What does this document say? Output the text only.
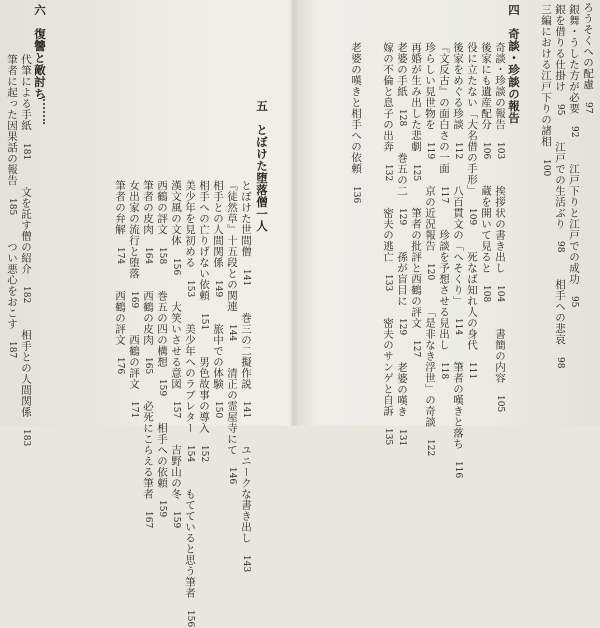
ろうそくへの配慮97
銀舞・うした方が必要92江戸下りと江戸での成功95
銀を借りる仕掛け95江戸での生活ぶり98相手への悲哀98
三編における江戸下りの諸相100
四　奇談・珍談の報告
奇談・珍談の報告103挨拶状の書き出し104書簡の内容105
後家にも遺産配分106蔵を開いて見ると108
役に立たない「大名借の手形」109死なば知れ人の身代111
後家をめぐる珍談112八百貫文の「へそくり」114筆者の嘆きと落ち116
『文反古』の面白さの一面117珍談を予想させる見出し118
珍らしい見世物を119京の近況報告120「是非なき浮世」の奇談122
再婚が生み出した悲劇125筆者の批評と西鶴の評文127
老婆の手紙128巻五の二129孫が盲目に129老婆の嘆き131
嫁の不倫と息子の出奔132密夫の逃亡133密夫のサンゲと自訴135
老婆の嘆きと相手への依頼136
五　とぼけた堕落僧一人
とぼけた世間僧141巻三の二擬作説141ユニークな書き出し143
『徒然草』十五段との関連144清正の霊屋寺にて146
相手との人間関係149旅中での体験150
相手への亡りげない依頼151男色故事の導入152
美少年を見初める153美少年へのラブレター154もてていると思う筆者156
漢文風の文体156大笑いさせる意図157吉野山の冬159
西鶴の評文158巻五の四の構想159相手への依頼159
筆者の皮肉164西鶴の皮肉165必死にこらえる筆者167
女出家の流行と堕落169西鶴の評文171
筆者の弁解174西鶴の評文176
六　復讐と敵討ち
代筆による手紙181文を託す僧の紹介182相手との人間関係183
筆者に起った因果話の報告185つい悪心をおこす187
